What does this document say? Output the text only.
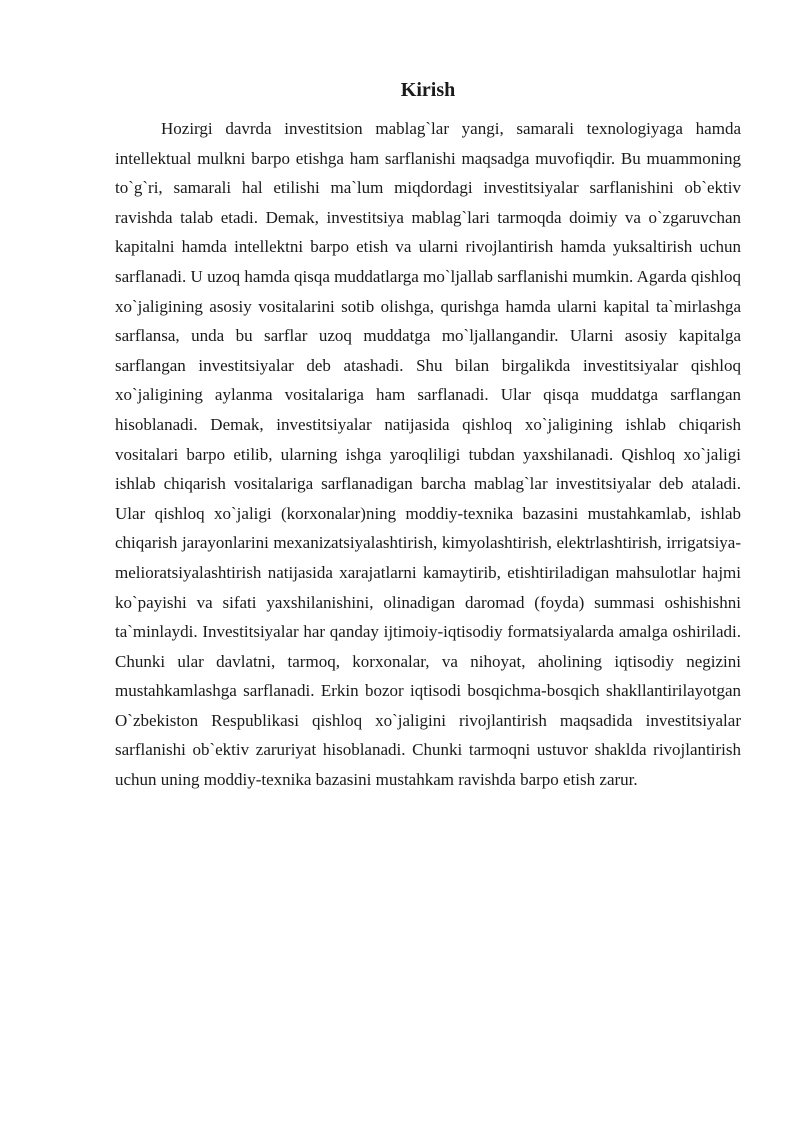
Kirish

Hozirgi davrda investitsion mablag`lar yangi, samarali texnologiyaga hamda intellektual mulkni barpo etishga ham sarflanishi maqsadga muvofiqdir. Bu muammoning to`g`ri, samarali hal etilishi ma`lum miqdordagi investitsiyalar sarflanishini ob`ektiv ravishda talab etadi. Demak, investitsiya mablag`lari tarmoqda doimiy va o`zgaruvchan kapitalni hamda intellektni barpo etish va ularni rivojlantirish hamda yuksaltirish uchun sarflanadi. U uzoq hamda qisqa muddatlarga mo`ljallab sarflanishi mumkin. Agarda qishloq xo`jaligining asosiy vositalarini sotib olishga, qurishga hamda ularni kapital ta`mirlashga sarflansa, unda bu sarflar uzoq muddatga mo`ljallangandir. Ularni asosiy kapitalga sarflangan investitsiyalar deb atashadi. Shu bilan birgalikda investitsiyalar qishloq xo`jaligining aylanma vositalariga ham sarflanadi. Ular qisqa muddatga sarflangan hisoblanadi. Demak, investitsiyalar natijasida qishloq xo`jaligining ishlab chiqarish vositalari barpo etilib, ularning ishga yaroqliligi tubdan yaxshilanadi. Qishloq xo`jaligi ishlab chiqarish vositalariga sarflanadigan barcha mablag`lar investitsiyalar deb ataladi. Ular qishloq xo`jaligi (korxonalar)ning moddiy-texnika bazasini mustahkamlab, ishlab chiqarish jarayonlarini mexanizatsiyalashtirish, kimyolashtirish, elektrlashtirish, irrigatsiya-melioratsiyalashtirish natijasida xarajatlarni kamaytirib, etishtiriladigan mahsulotlar hajmi ko`payishi va sifati yaxshilanishini, olinadigan daromad (foyda) summasi oshishishni ta`minlaydi. Investitsiyalar har qanday ijtimoiy-iqtisodiy formatsiyalarda amalga oshiriladi. Chunki ular davlatni, tarmoq, korxonalar, va nihoyat, aholining iqtisodiy negizini mustahkamlashga sarflanadi. Erkin bozor iqtisodi bosqichma-bosqich shakllantirilayotgan O`zbekiston Respublikasi qishloq xo`jaligini rivojlantirish maqsadida investitsiyalar sarflanishi ob`ektiv zaruriyat hisoblanadi. Chunki tarmoqni ustuvor shaklda rivojlantirish uchun uning moddiy-texnika bazasini mustahkam ravishda barpo etish zarur.
